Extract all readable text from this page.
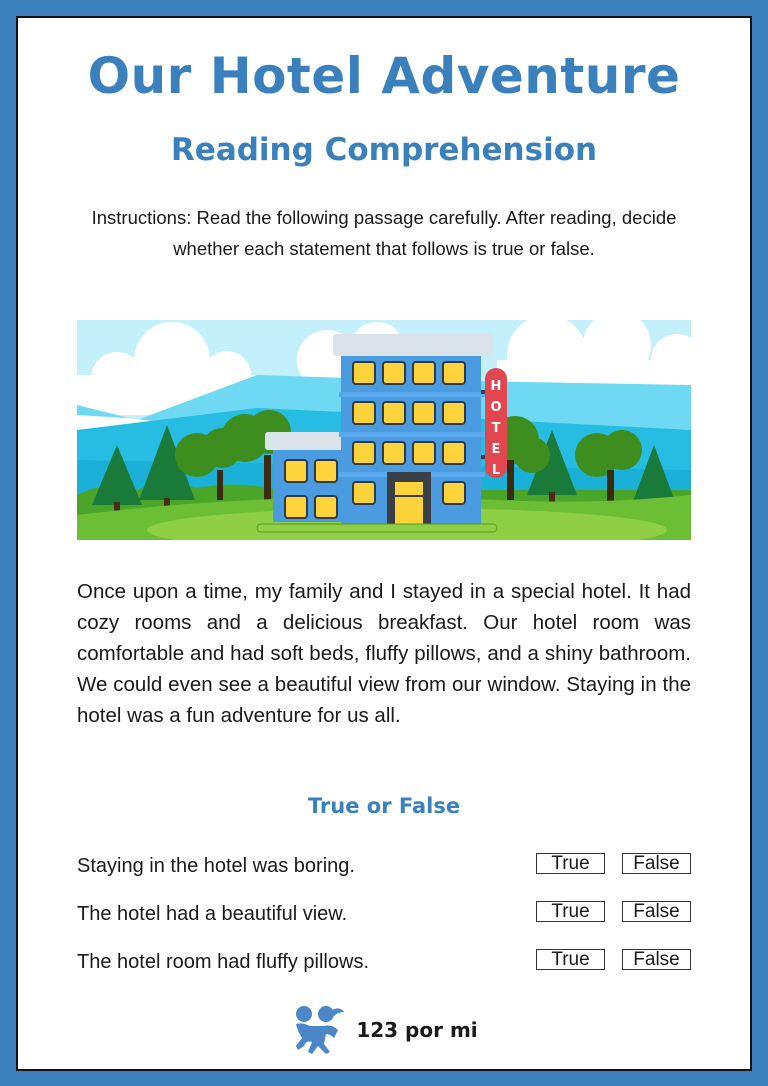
Our Hotel Adventure
Reading Comprehension
Instructions: Read the following passage carefully. After reading, decide whether each statement that follows is true or false.
H
O
T
E
L

Once upon a time, my family and I stayed in a special hotel. It had cozy rooms and a delicious breakfast. Our hotel room was comfortable and had soft beds, fluffy pillows, and a shiny bathroom. We could even see a beautiful view from our window. Staying in the hotel was a fun adventure for us all.

True or False
Staying in the hotel was boring.	True	False
The hotel had a beautiful view.	True	False
The hotel room had fluffy pillows.	True	False
123 por mi
